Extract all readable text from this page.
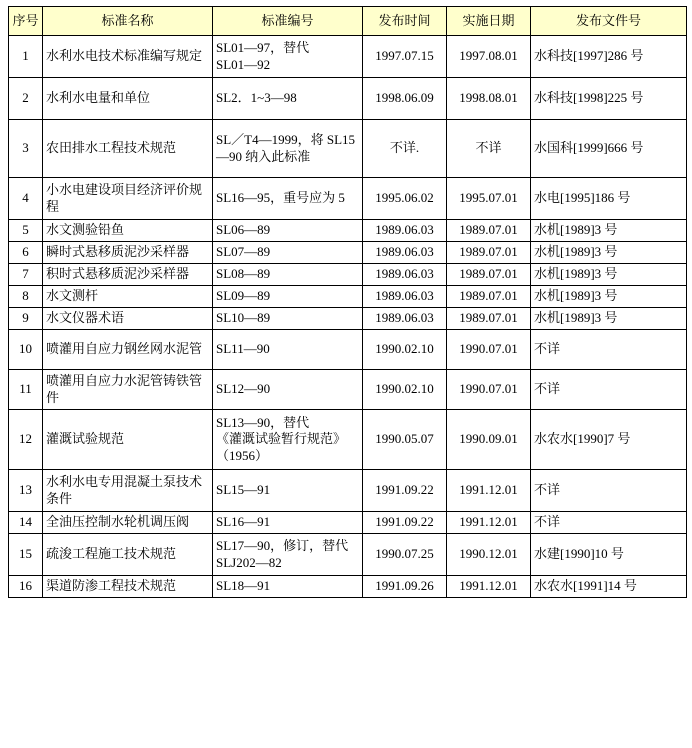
序号	标准名称	标准编号	发布时间	实施日期	发布文件号
1	水利水电技术标准编写规定	SL01—97，替代
SL01—92	1997.07.15	1997.08.01	水科技[1997]286 号
2	水利水电量和单位	SL2．1~3—98	1998.06.09	1998.08.01	水科技[1998]225 号
3	农田排水工程技术规范	SL／T4—1999，将 SL15—90 纳入此标准	不详.	不详	水国科[1999]666 号
4	小水电建设项目经济评价规程	SL16—95，重号应为 5	1995.06.02	1995.07.01	水电[1995]186 号
5	水文测验铅鱼	SL06—89	1989.06.03	1989.07.01	水机[1989]3 号
6	瞬时式悬移质泥沙采样器	SL07—89	1989.06.03	1989.07.01	水机[1989]3 号
7	积时式悬移质泥沙采样器	SL08—89	1989.06.03	1989.07.01	水机[1989]3 号
8	水文测杆	SL09—89	1989.06.03	1989.07.01	水机[1989]3 号
9	水文仪器术语	SL10—89	1989.06.03	1989.07.01	水机[1989]3 号
10	喷灌用自应力钢丝网水泥管	SL11—90	1990.02.10	1990.07.01	不详
11	喷灌用自应力水泥管铸铁管件	SL12—90	1990.02.10	1990.07.01	不详
12	灌溉试验规范	SL13—90，替代
《灌溉试验暂行规范》 （1956）	1990.05.07	1990.09.01	水农水[1990]7 号
13	水利水电专用混凝土泵技术条件	SL15—91	1991.09.22	1991.12.01	不详
14	全油压控制水轮机调压阀	SL16—91	1991.09.22	1991.12.01	不详
15	疏浚工程施工技术规范	SL17—90，修订，替代 SLJ202—82	1990.07.25	1990.12.01	水建[1990]10 号
16	渠道防渗工程技术规范	SL18—91	1991.09.26	1991.12.01	水农水[1991]14 号
